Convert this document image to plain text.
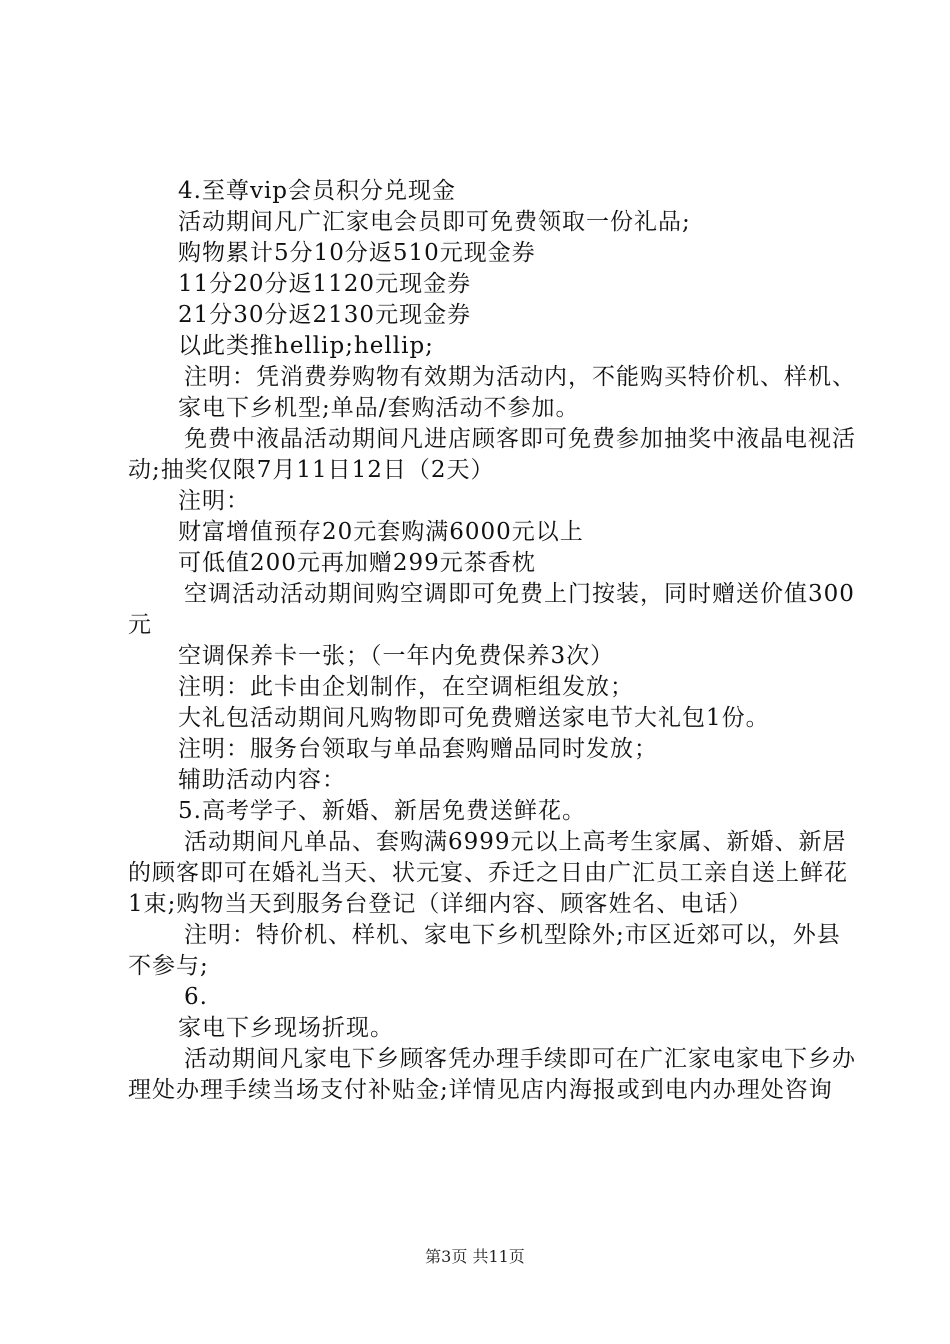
4.至尊vip会员积分兑现金

活动期间凡广汇家电会员即可免费领取一份礼品;

购物累计5分10分返510元现金券

11分20分返1120元现金券

21分30分返2130元现金券

以此类推hellip;hellip;

注明：凭消费券购物有效期为活动内，不能购买特价机、样机、

家电下乡机型;单品/套购活动不参加。

免费中液晶活动期间凡进店顾客即可免费参加抽奖中液晶电视活动;抽奖仅限7月11日12日（2天）

注明：

财富增值预存20元套购满6000元以上

可低值200元再加赠299元茶香枕

空调活动活动期间购空调即可免费上门按装，同时赠送价值300元

空调保养卡一张；（一年内免费保养3次）

注明：此卡由企划制作，在空调柜组发放；

大礼包活动期间凡购物即可免费赠送家电节大礼包1份。

注明：服务台领取与单品套购赠品同时发放；

辅助活动内容：

5.高考学子、新婚、新居免费送鲜花。

活动期间凡单品、套购满6999元以上高考生家属、新婚、新居的顾客即可在婚礼当天、状元宴、乔迁之日由广汇员工亲自送上鲜花1束;购物当天到服务台登记（详细内容、顾客姓名、电话）

注明：特价机、样机、家电下乡机型除外;市区近郊可以，外县不参与;

6.

家电下乡现场折现。

活动期间凡家电下乡顾客凭办理手续即可在广汇家电家电下乡办理处办理手续当场支付补贴金;详情见店内海报或到电内办理处咨询

第3页 共11页
